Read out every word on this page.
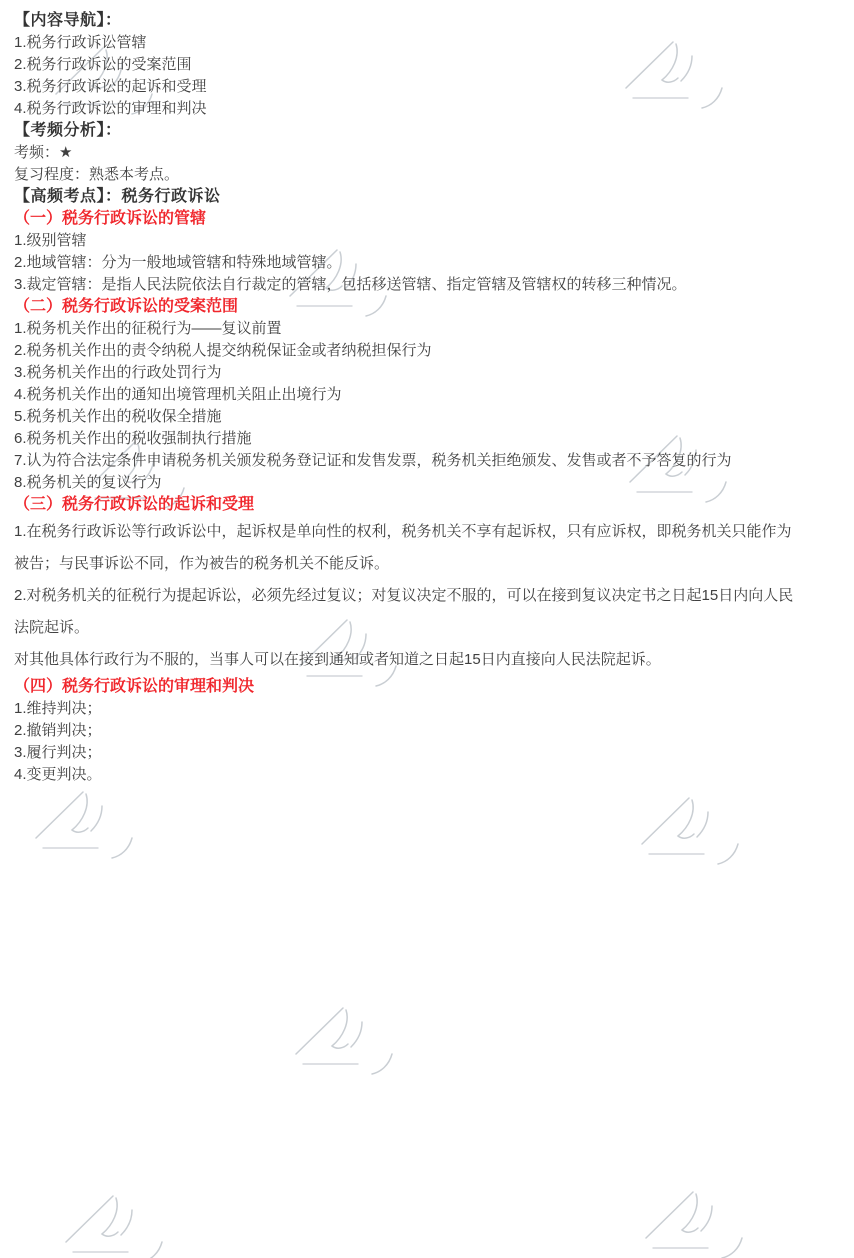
【内容导航】：

1.税务行政诉讼管辖

2.税务行政诉讼的受案范围

3.税务行政诉讼的起诉和受理

4.税务行政诉讼的审理和判决

【考频分析】：

考频：★

复习程度：熟悉本考点。

【高频考点】：税务行政诉讼

（一）税务行政诉讼的管辖

1.级别管辖

2.地域管辖：分为一般地域管辖和特殊地域管辖。

3.裁定管辖：是指人民法院依法自行裁定的管辖，包括移送管辖、指定管辖及管辖权的转移三种情况。

（二）税务行政诉讼的受案范围

1.税务机关作出的征税行为——复议前置

2.税务机关作出的责令纳税人提交纳税保证金或者纳税担保行为

3.税务机关作出的行政处罚行为

4.税务机关作出的通知出境管理机关阻止出境行为

5.税务机关作出的税收保全措施

6.税务机关作出的税收强制执行措施

7.认为符合法定条件申请税务机关颁发税务登记证和发售发票，税务机关拒绝颁发、发售或者不予答复的行为

8.税务机关的复议行为

（三）税务行政诉讼的起诉和受理

1.在税务行政诉讼等行政诉讼中，起诉权是单向性的权利，税务机关不享有起诉权，只有应诉权，即税务机关只能作为

被告；与民事诉讼不同，作为被告的税务机关不能反诉。

2.对税务机关的征税行为提起诉讼，必须先经过复议；对复议决定不服的，可以在接到复议决定书之日起15日内向人民

法院起诉。

对其他具体行政行为不服的，当事人可以在接到通知或者知道之日起15日内直接向人民法院起诉。

（四）税务行政诉讼的审理和判决

1.维持判决；

2.撤销判决；

3.履行判决；

4.变更判决。
